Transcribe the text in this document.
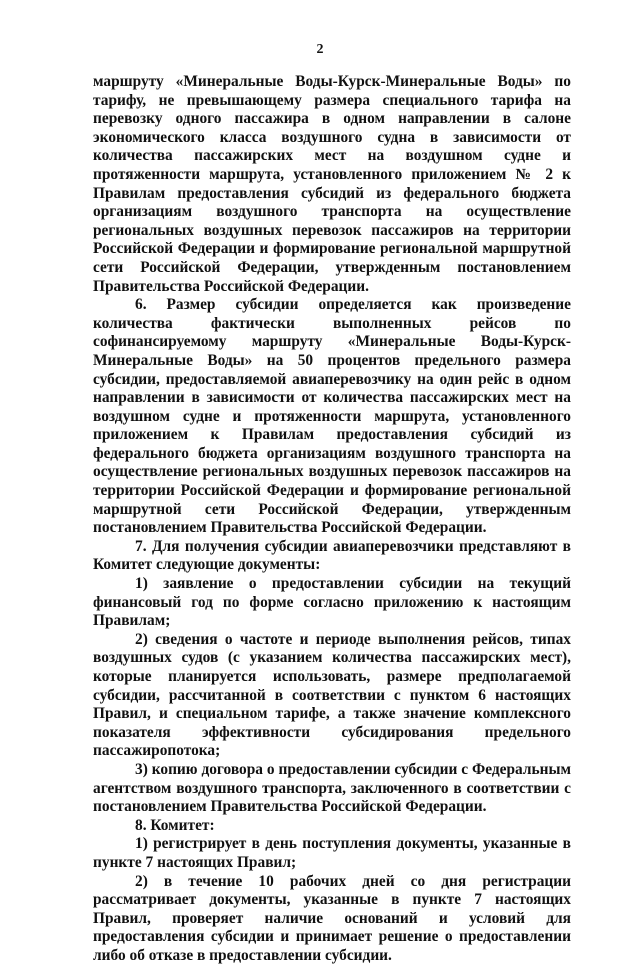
2

маршруту «Минеральные Воды-Курск-Минеральные Воды» по тарифу, не превышающему размера специального тарифа на перевозку одного пассажира в одном направлении в салоне экономического класса воздушного судна в зависимости от количества пассажирских мест на воздушном судне и протяженности маршрута, установленного приложением № 2 к Правилам предоставления субсидий из федерального бюджета организациям воздушного транспорта на осуществление региональных воздушных перевозок пассажиров на территории Российской Федерации и формирование региональной маршрутной сети Российской Федерации, утвержденным постановлением Правительства Российской Федерации.

6. Размер субсидии определяется как произведение количества фактически выполненных рейсов по софинансируемому маршруту «Минеральные Воды-Курск-Минеральные Воды» на 50 процентов предельного размера субсидии, предоставляемой авиаперевозчику на один рейс в одном направлении в зависимости от количества пассажирских мест на воздушном судне и протяженности маршрута, установленного приложением к Правилам предоставления субсидий из федерального бюджета организациям воздушного транспорта на осуществление региональных воздушных перевозок пассажиров на территории Российской Федерации и формирование региональной маршрутной сети Российской Федерации, утвержденным постановлением Правительства Российской Федерации.

7. Для получения субсидии авиаперевозчики представляют в Комитет следующие документы:

1) заявление о предоставлении субсидии на текущий финансовый год по форме согласно приложению к настоящим Правилам;

2) сведения о частоте и периоде выполнения рейсов, типах воздушных судов (с указанием количества пассажирских мест), которые планируется использовать, размере предполагаемой субсидии, рассчитанной в соответствии с пунктом 6 настоящих Правил, и специальном тарифе, а также значение комплексного показателя эффективности субсидирования предельного пассажиропотока;

3) копию договора о предоставлении субсидии с Федеральным агентством воздушного транспорта, заключенного в соответствии с постановлением Правительства Российской Федерации.

8. Комитет:

1) регистрирует в день поступления документы, указанные в пункте 7 настоящих Правил;

2) в течение 10 рабочих дней со дня регистрации рассматривает документы, указанные в пункте 7 настоящих Правил, проверяет наличие оснований и условий для предоставления субсидии и принимает решение о предоставлении либо об отказе в предоставлении субсидии.
